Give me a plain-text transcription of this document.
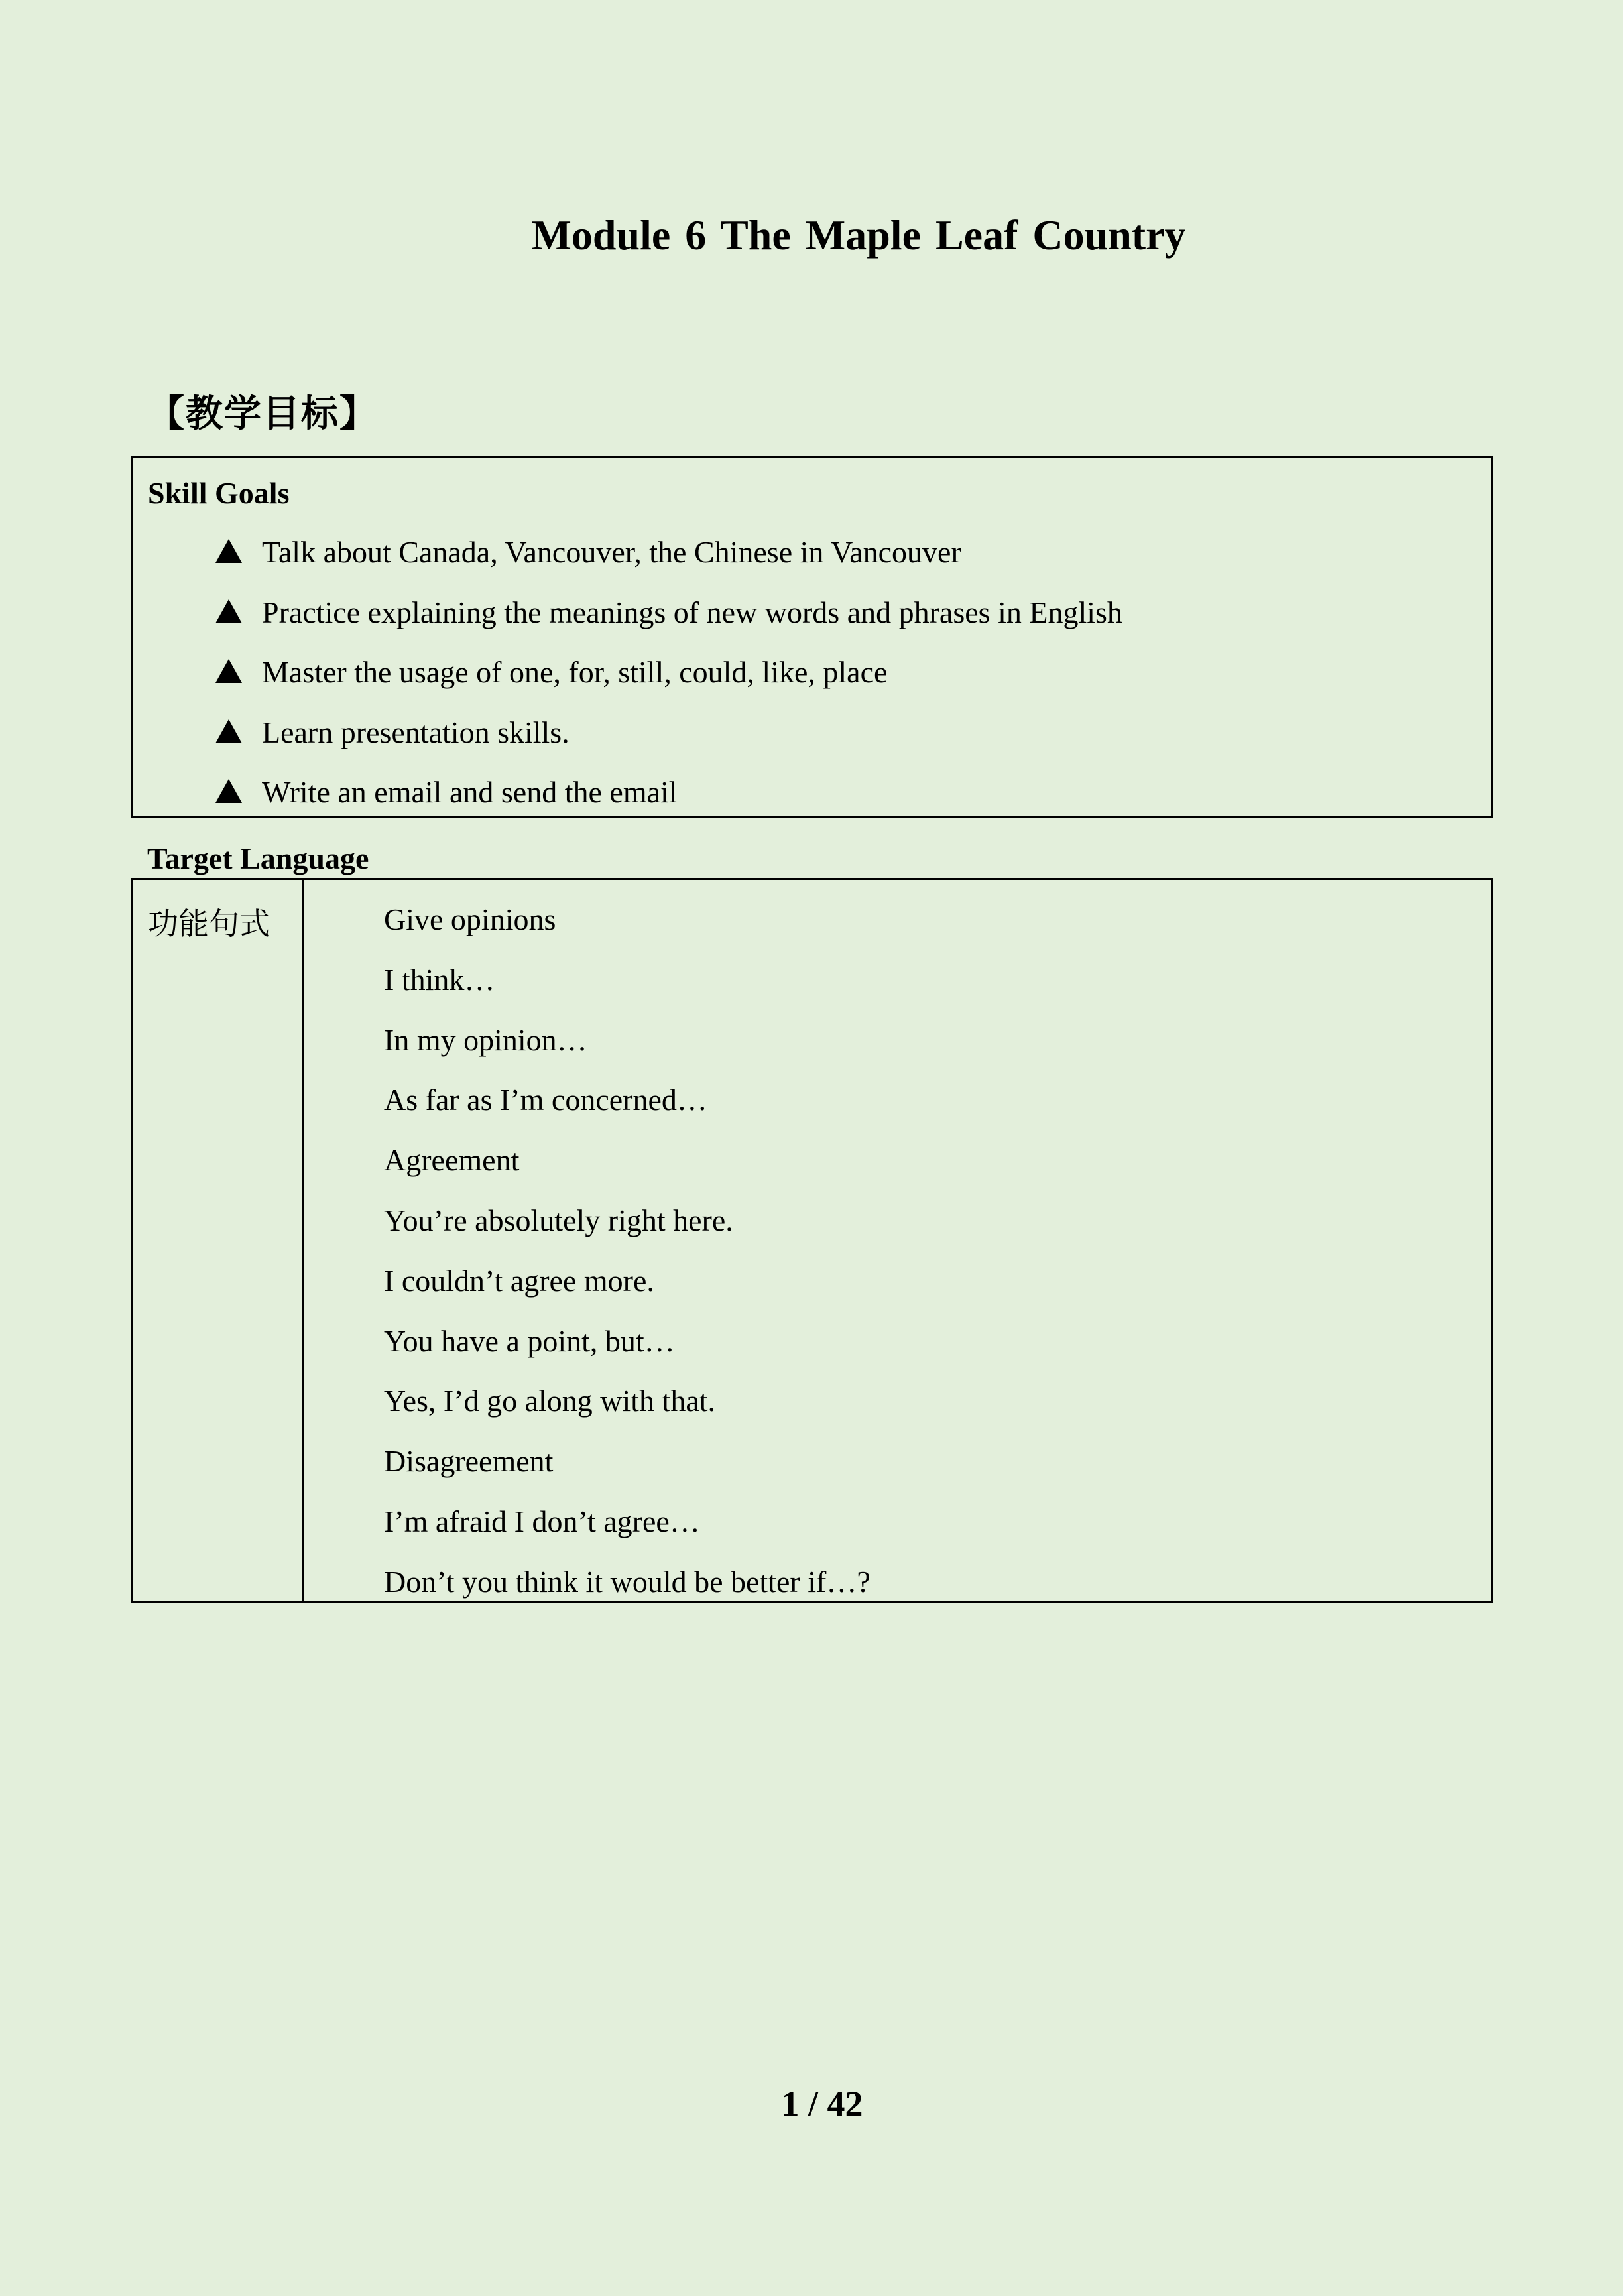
Module 6 The Maple Leaf Country
【教学目标】
Skill Goals
Talk about Canada, Vancouver, the Chinese in Vancouver
Practice explaining the meanings of new words and phrases in English
Master the usage of one, for, still, could, like, place
Learn presentation skills.
Write an email and send the email
Target Language
功能句式	Give opinions
I think…
In my opinion…
As far as I’m concerned…
Agreement
You’re absolutely right here.
I couldn’t agree more.
You have a point, but…
Yes, I’d go along with that.
Disagreement
I’m afraid I don’t agree…
Don’t you think it would be better if…?
1 / 42
